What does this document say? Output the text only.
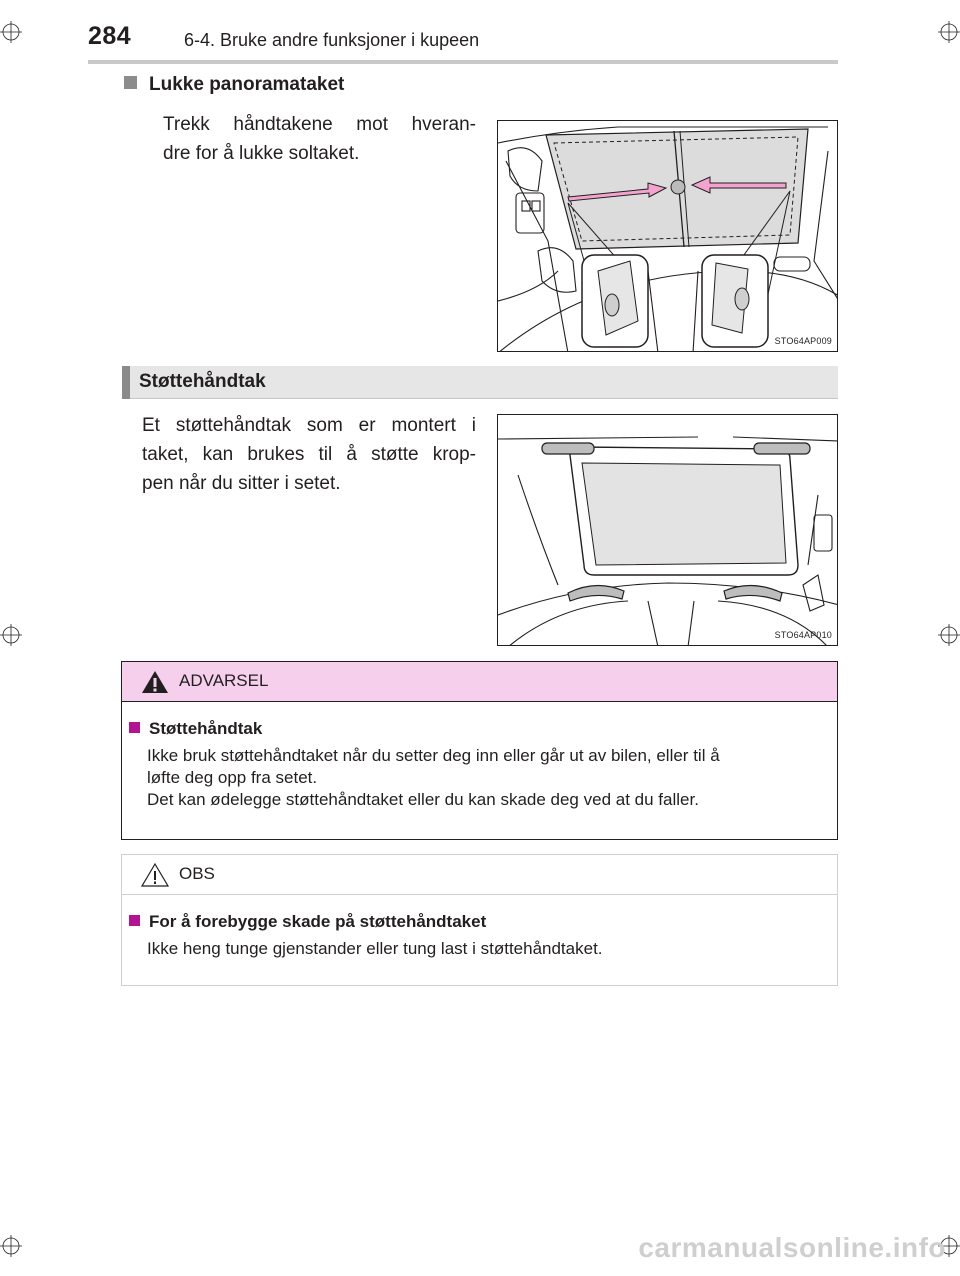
284	6-4. Bruke andre funksjoner i kupeen
Lukke panoramataket
Trekk håndtakene mot hveran-
dre for å lukke soltaket.
STO64AP009
Støttehåndtak
Et støttehåndtak som er montert i
taket, kan brukes til å støtte krop-
pen når du sitter i setet.
STO64AP010
ADVARSEL
Støttehåndtak
Ikke bruk støttehåndtaket når du setter deg inn eller går ut av bilen, eller til å
løfte deg opp fra setet.
Det kan ødelegge støttehåndtaket eller du kan skade deg ved at du faller.
OBS
For å forebygge skade på støttehåndtaket
Ikke heng tunge gjenstander eller tung last i støttehåndtaket.
carmanualsonline.info
